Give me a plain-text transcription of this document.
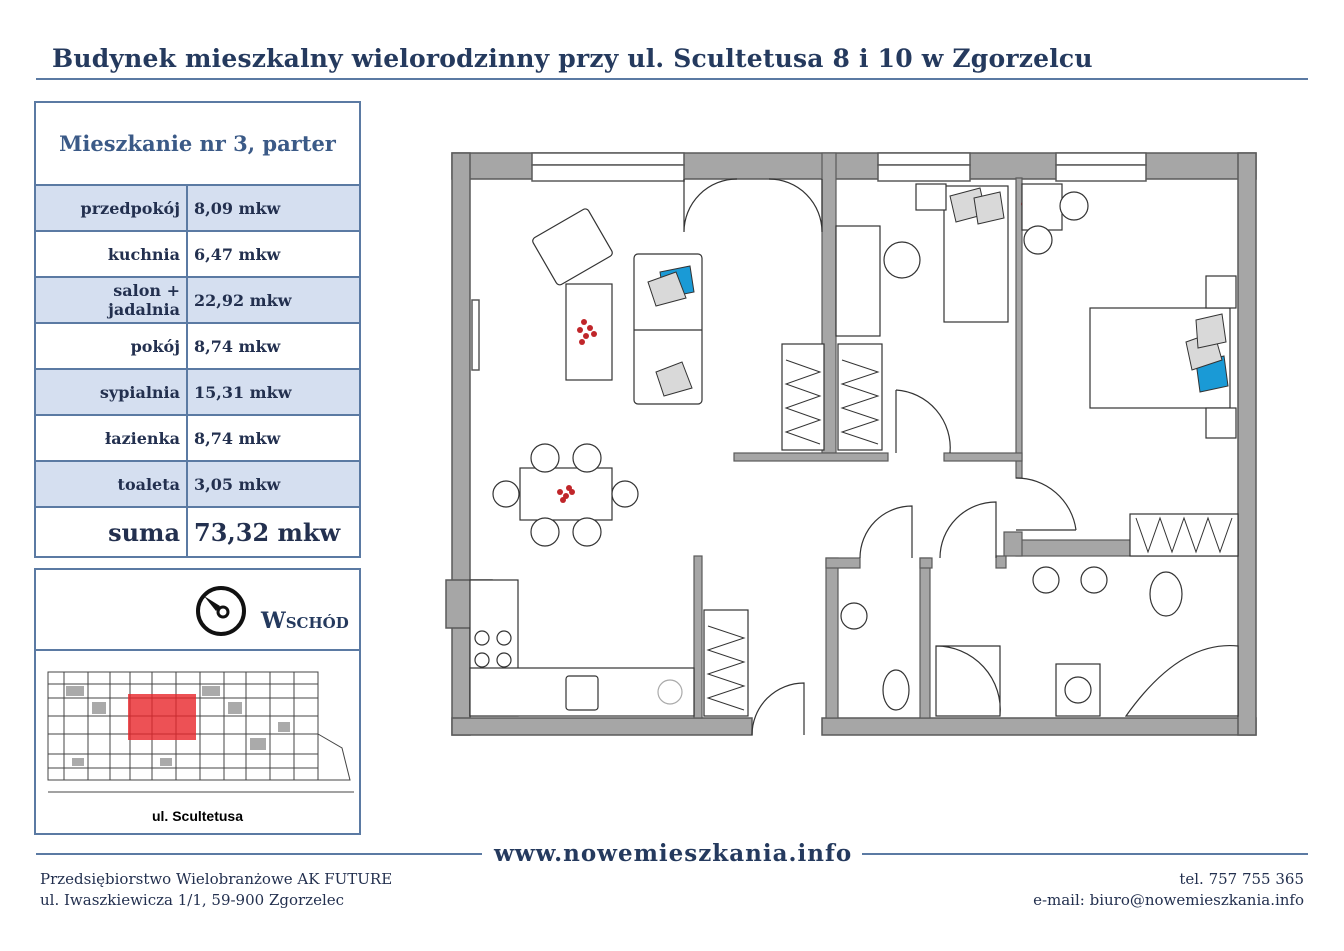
Budynek mieszkalny wielorodzinny przy ul. Scultetusa 8 i 10 w Zgorzelcu
Mieszkanie nr 3, parter
przedpokój 8,09 mkw
kuchnia 6,47 mkw
salon + jadalnia 22,92 mkw
pokój 8,74 mkw
sypialnia 15,31 mkw
łazienka 8,74 mkw
toaleta 3,05 mkw
suma 73,32 mkw
Wschód
ul. Scultetusa
www.nowemieszkania.info
Przedsiębiorstwo Wielobranżowe AK FUTURE
ul. Iwaszkiewicza 1/1, 59-900 Zgorzelec
tel. 757 755 365
e-mail: biuro@nowemieszkania.info
